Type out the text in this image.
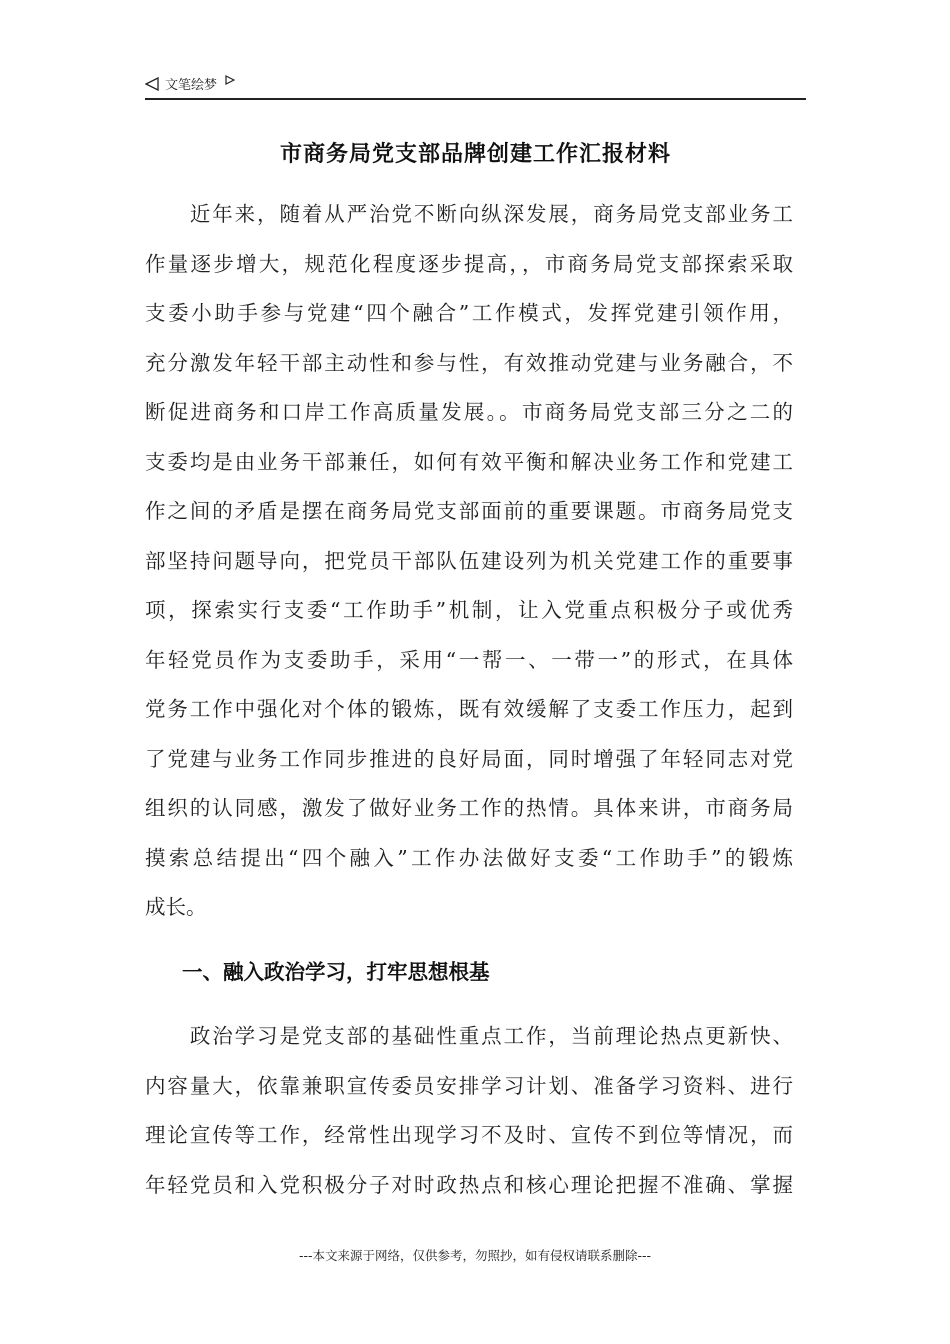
文笔绘梦
市商务局党支部品牌创建工作汇报材料
　　近年来，随着从严治党不断向纵深发展，商务局党支部业务工
作量逐步增大，规范化程度逐步提高，，市商务局党支部探索采取
支委小助手参与党建“四个融合”工作模式，发挥党建引领作用，
充分激发年轻干部主动性和参与性，有效推动党建与业务融合，不
断促进商务和口岸工作高质量发展。。市商务局党支部三分之二的
支委均是由业务干部兼任，如何有效平衡和解决业务工作和党建工
作之间的矛盾是摆在商务局党支部面前的重要课题。市商务局党支
部坚持问题导向，把党员干部队伍建设列为机关党建工作的重要事
项，探索实行支委“工作助手”机制，让入党重点积极分子或优秀
年轻党员作为支委助手，采用“一帮一、一带一”的形式，在具体
党务工作中强化对个体的锻炼，既有效缓解了支委工作压力，起到
了党建与业务工作同步推进的良好局面，同时增强了年轻同志对党
组织的认同感，激发了做好业务工作的热情。具体来讲，市商务局
摸索总结提出“四个融入”工作办法做好支委“工作助手”的锻炼
成长。
一、融入政治学习，打牢思想根基
　　政治学习是党支部的基础性重点工作，当前理论热点更新快、
内容量大，依靠兼职宣传委员安排学习计划、准备学习资料、进行
理论宣传等工作，经常性出现学习不及时、宣传不到位等情况，而
年轻党员和入党积极分子对时政热点和核心理论把握不准确、掌握
---本文来源于网络，仅供参考，勿照抄，如有侵权请联系删除---
